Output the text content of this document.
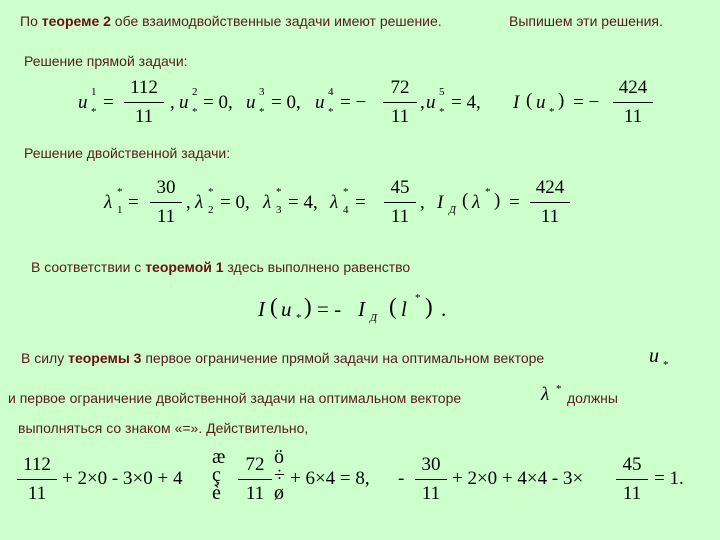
По теореме 2 обе взаимодвойственные задачи имеют решение.	Выпишем эти решения.
Решение прямой задачи:
u 1
* =
112
11
, u 2
* = 0, u 3
* = 0, u 4
* = −
72
11
, u 5
* = 4, I ( u *
) = −
424
11
Решение двойственной задачи:
λ *
1 =
30
11
, λ *
2 = 0, λ *
3 = 4, λ *
4 =
45
11
, I Д ( λ * ) =
424
11
В соответствии с теоремой 1 здесь выполнено равенство
I ( u * ) = - I Д ( l * ) .
В силу теоремы 3 первое ограничение прямой задачи на оптимальном векторе	u *
и первое ограничение двойственной задачи на оптимальном векторе	λ *
должны
выполняться со знаком «=». Действительно,
112
11
+ 2×0 - 3×0 + 4
æ
ç
è
72
11
ö
÷
ø
+ 6×4 = 8, -
30
11
+ 2×0 + 4×4 - 3×
45
11
= 1.
